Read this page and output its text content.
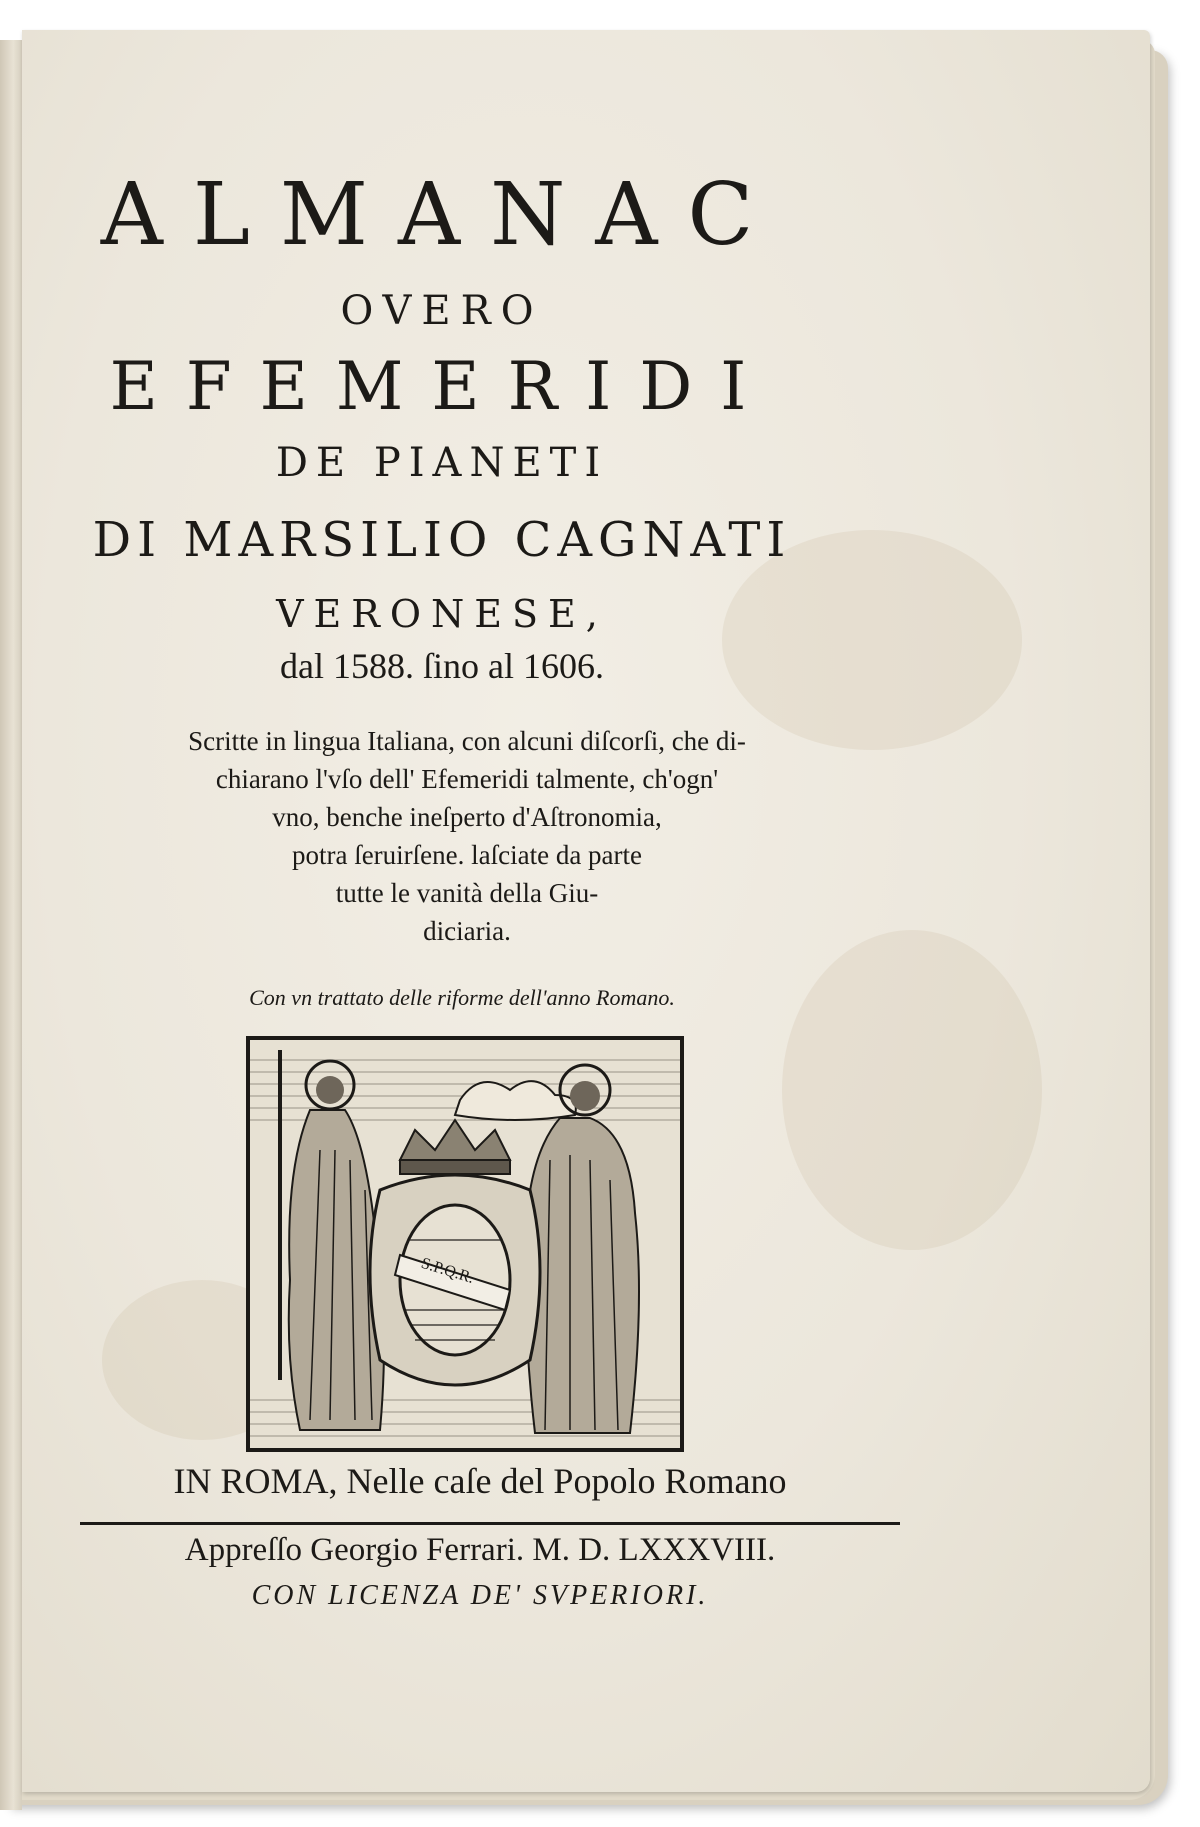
ALMANAC
OVERO
EFEMERIDI
DE PIANETI
DI MARSILIO CAGNATI
VERONESE,
dal 1588. ſino al 1606.
Scritte in lingua Italiana, con alcuni diſcorſi, che di-
chiarano l'vſo dell' Efemeridi talmente, ch'ogn'
vno, benche ineſperto d'Aſtronomia,
potra ſeruirſene. laſciate da parte
tutte le vanità della Giu-
diciaria.
Con vn trattato delle riforme dell'anno Romano.
IN ROMA, Nelle caſe del Popolo Romano
Appreſſo Georgio Ferrari. M. D. LXXXVIII.
CON LICENZA DE' SVPERIORI.
S.P.Q.R.
